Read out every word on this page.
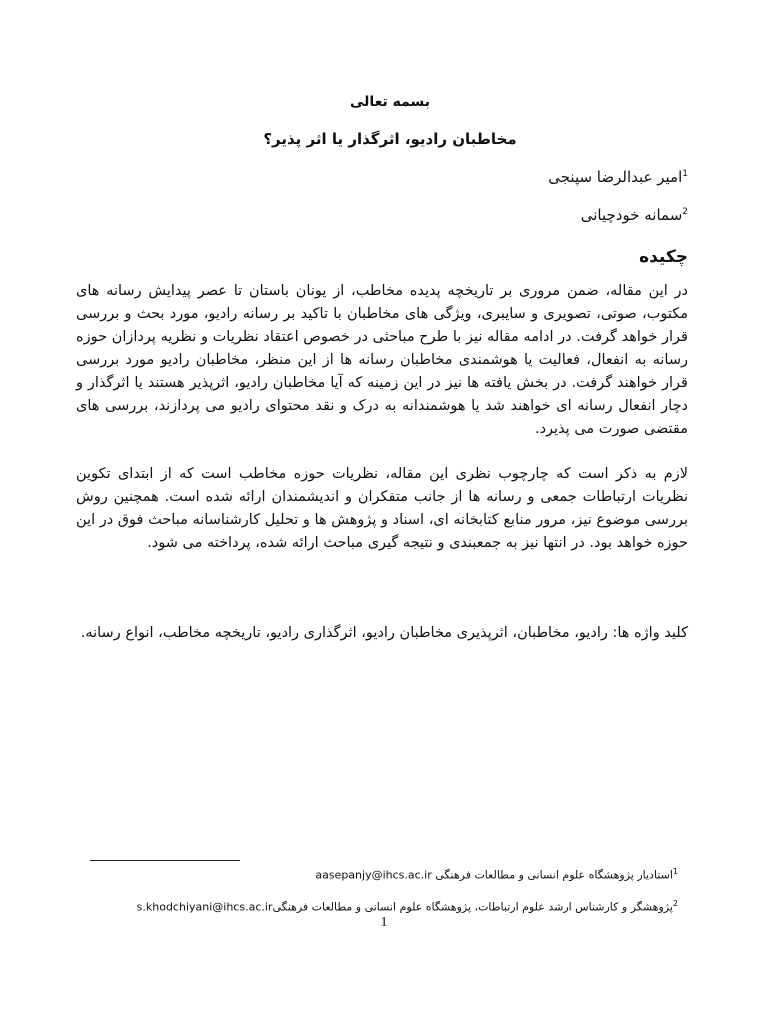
بسمه تعالی
مخاطبان رادیو، اثرگذار یا اثر پذیر؟
$^1$امیر عبدالرضا سپنجی
$^2$سمانه خودچیانی
چکیده

در این مقاله، ضمن مروری بر تاریخچه پدیده مخاطب، از یونان باستان تا عصر پیدایش رسانه های مکتوب، صوتی، تصویری و سایبری، ویژگی های مخاطبان با تاکید بر رسانه رادیو، مورد بحث و بررسی قرار خواهد گرفت. در ادامه مقاله نیز با طرح مباحثی در خصوص اعتقاد نظریات و نظریه پردازان حوزه رسانه به انفعال، فعالیت یا هوشمندی مخاطبان رسانه ها از این منظر، مخاطبان رادیو مورد بررسی قرار خواهند گرفت. در بخش یافته ها نیز در این زمینه که آیا مخاطبان رادیو، اثرپذیر هستند یا اثرگذار و دچار انفعال رسانه ای خواهند شد یا هوشمندانه به درک و نقد محتوای رادیو می پردازند، بررسی های مقتضی صورت می پذیرد.

لازم به ذکر است که چارچوب نظری این مقاله، نظریات حوزه مخاطب است که از ابتدای تکوین نظریات ارتباطات جمعی و رسانه ها از جانب متفکران و اندیشمندان ارائه شده است. همچنین روش بررسی موضوع نیز، مرور منابع کتابخانه ای، اسناد و پژوهش ها و تحلیل کارشناسانه مباحث فوق در این حوزه خواهد بود. در انتها نیز به جمعبندی و نتیجه گیری مباحث ارائه شده، پرداخته می شود.

کلید واژه ها: رادیو، مخاطبان، اثرپذیری مخاطبان رادیو، اثرگذاری رادیو، تاریخچه مخاطب، انواع رسانه.

$^1$استادیار پژوهشگاه علوم انسانی و مطالعات فرهنگی aasepanjy@ihcs.ac.ir
$^2$پژوهشگر و کارشناس ارشد علوم ارتباطات، پژوهشگاه علوم انسانی و مطالعات فرهنگیs.khodchiyani@ihcs.ac.ir
1
